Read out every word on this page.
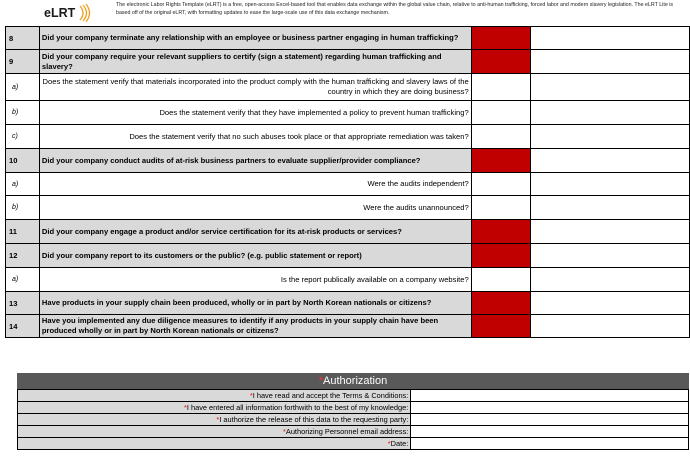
eLRT
The electronic Labor Rights Template (eLRT) is a free, open-access Excel-based tool that enables data exchange within the global value chain, relative to anti-human trafficking, forced labor and modern slavery legislation. The eLRT Lite is based off of the original eLRT, with formatting updates to ease the large-scale use of this data exchange mechanism.
8	Did your company terminate any relationship with an employee or business partner engaging in human trafficking?		
9	Did your company require your relevant suppliers to certify (sign a statement) regarding human trafficking and slavery?		
a)	Does the statement verify that materials incorporated into the product comply with the human trafficking and slavery laws of the country in which they are doing business?		
b)	Does the statement verify that they have implemented a policy to prevent human trafficking?		
c)	Does the statement verify that no such abuses took place or that appropriate remediation was taken?		
10	Did your company conduct audits of at-risk business partners to evaluate supplier/provider compliance?		
a)	Were the audits independent?		
b)	Were the audits unannounced?		
11	Did your company engage a product and/or service certification for its at-risk products or services?		
12	Did your company report to its customers or the public? (e.g. public statement or report)		
a)	Is the report publically available on a company website?		
13	Have products in your supply chain been produced, wholly or in part by North Korean nationals or citizens?		
14	Have you implemented any due diligence measures to identify if any products in your supply chain have been produced wholly or in part by North Korean nationals or citizens?		

*Authorization
*I have read and accept the Terms & Conditions:	
*I have entered all information forthwith to the best of my knowledge:	
*I authorize the release of this data to the requesting party:	
*Authorizing Personnel email address:	
*Date:	
